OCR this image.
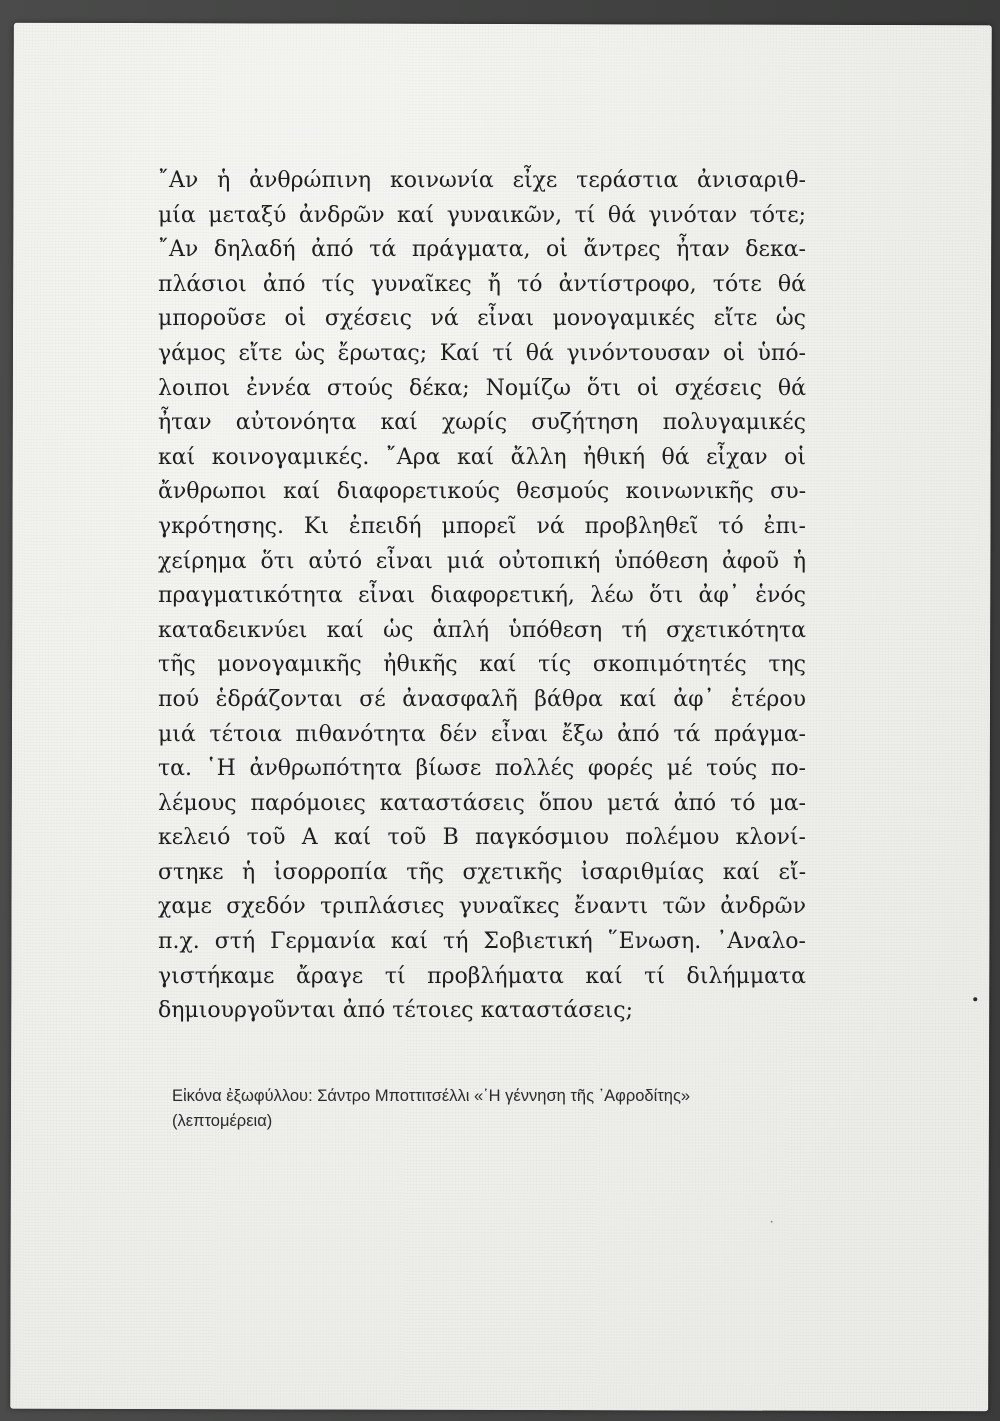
῎Αν ἡ ἀνθρώπινη κοινωνία εἶχε τεράστια ἀνισαριθ-
μία μεταξύ ἀνδρῶν καί γυναικῶν, τί θά γινόταν τότε;
῎Αν δηλαδή ἀπό τά πράγματα, οἱ ἄντρες ἦταν δεκα-
πλάσιοι ἀπό τίς γυναῖκες ἤ τό ἀντίστροφο, τότε θά
μποροῦσε οἱ σχέσεις νά εἶναι μονογαμικές εἴτε ὡς
γάμος εἴτε ὡς ἔρωτας; Καί τί θά γινόντουσαν οἱ ὑπό-
λοιποι ἐννέα στούς δέκα; Νομίζω ὅτι οἱ σχέσεις θά
ἦταν αὐτονόητα καί χωρίς συζήτηση πολυγαμικές
καί κοινογαμικές. ῎Αρα καί ἄλλη ἠθική θά εἶχαν οἱ
ἄνθρωποι καί διαφορετικούς θεσμούς κοινωνικῆς συ-
γκρότησης. Κι ἐπειδή μπορεῖ νά προβληθεῖ τό ἐπι-
χείρημα ὅτι αὐτό εἶναι μιά οὐτοπική ὑπόθεση ἀφοῦ ἡ
πραγματικότητα εἶναι διαφορετική, λέω ὅτι ἀφ᾽ ἑνός
καταδεικνύει καί ὡς ἁπλή ὑπόθεση τή σχετικότητα
τῆς μονογαμικῆς ἠθικῆς καί τίς σκοπιμότητές της
πού ἑδράζονται σέ ἀνασφαλῆ βάθρα καί ἀφ᾽ ἑτέρου
μιά τέτοια πιθανότητα δέν εἶναι ἔξω ἀπό τά πράγμα-
τα. ῾Η ἀνθρωπότητα βίωσε πολλές φορές μέ τούς πο-
λέμους παρόμοιες καταστάσεις ὅπου μετά ἀπό τό μα-
κελειό τοῦ Α καί τοῦ Β παγκόσμιου πολέμου κλονί-
στηκε ἡ ἰσορροπία τῆς σχετικῆς ἰσαριθμίας καί εἴ-
χαμε σχεδόν τριπλάσιες γυναῖκες ἔναντι τῶν ἀνδρῶν
π.χ. στή Γερμανία καί τή Σοβιετική ῞Ενωση. ᾿Αναλο-
γιστήκαμε ἄραγε τί προβλήματα καί τί διλήμματα
δημιουργοῦνται ἀπό τέτοιες καταστάσεις;
Εἰκόνα ἐξωφύλλου: Σάντρο Μποττιτσέλλι «῾Η γέννηση τῆς ᾿Αφροδίτης»
(λεπτομέρεια)
